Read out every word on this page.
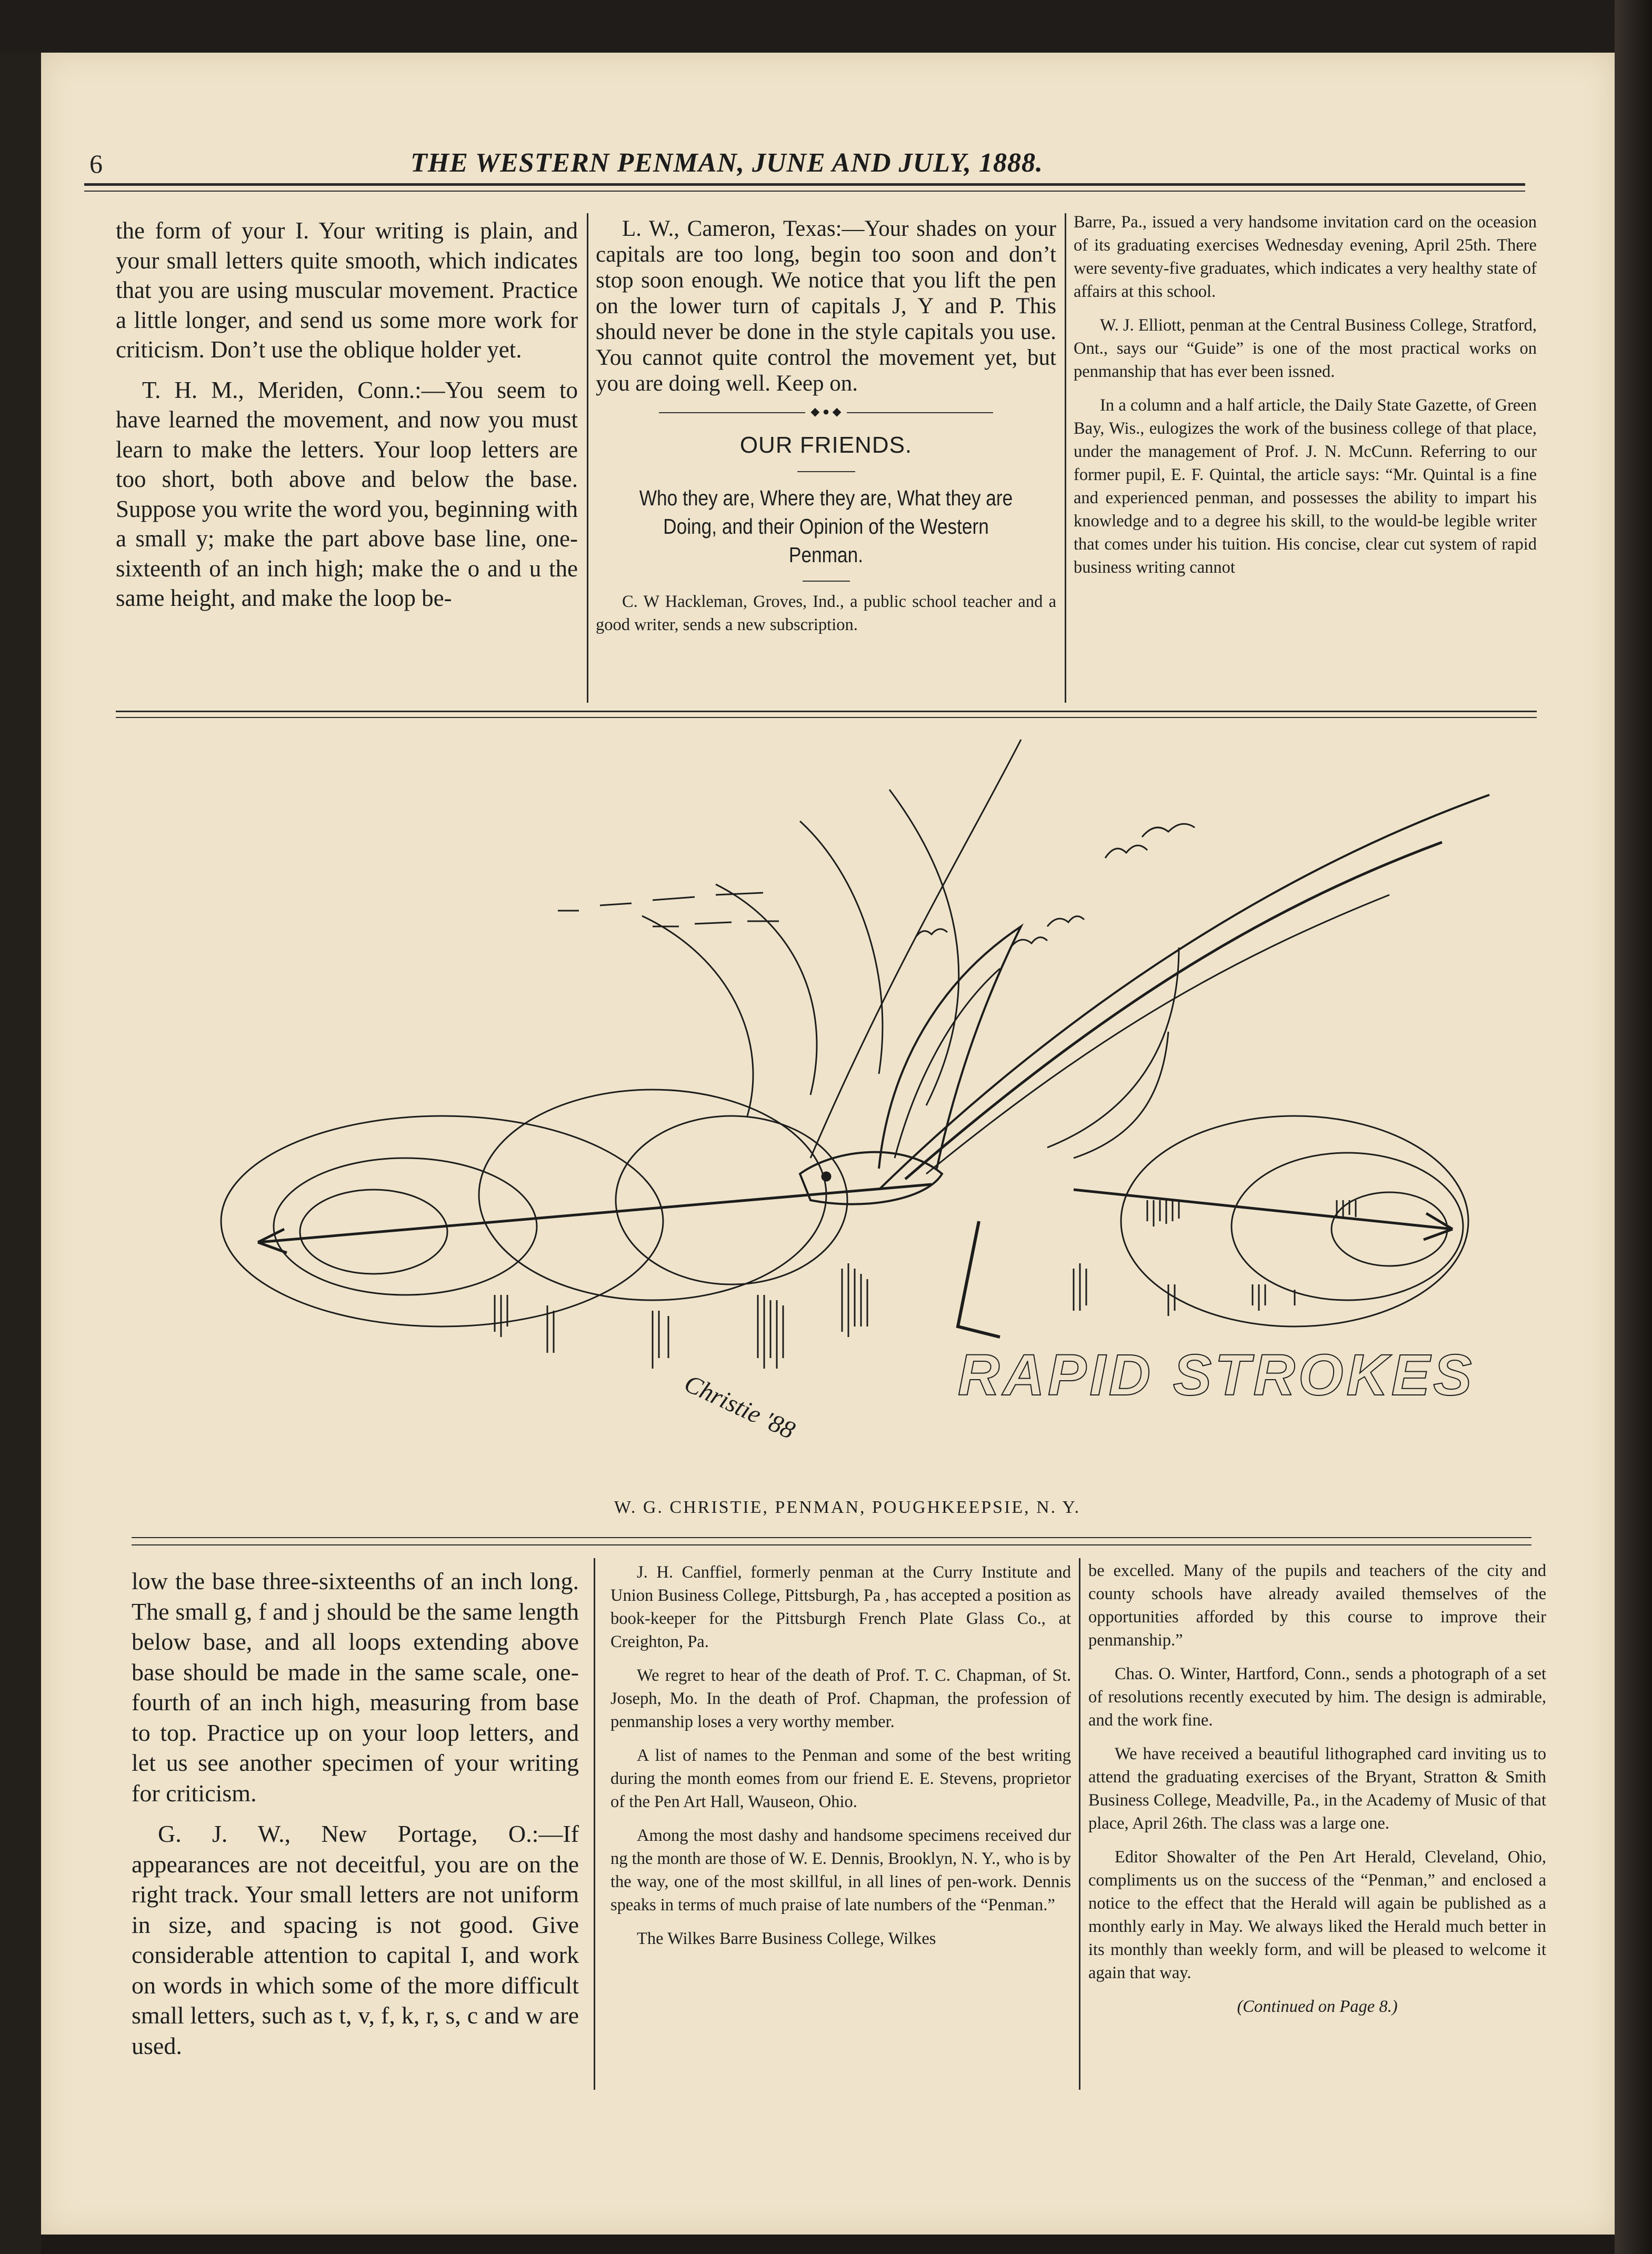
6	THE WESTERN PENMAN, JUNE AND JULY, 1888.

the form of your I. Your writing is plain, and your small letters quite smooth, which indicates that you are using muscular movement. Practice a little longer, and send us some more work for criticism. Don’t use the oblique holder yet.

T. H. M., Meriden, Conn.:—You seem to have learned the movement, and now you must learn to make the letters. Your loop letters are too short, both above and below the base. Suppose you write the word you, beginning with a small y; make the part above base line, one-sixteenth of an inch high; make the o and u the same height, and make the loop be-

L. W., Cameron, Texas:—Your shades on your capitals are too long, begin too soon and don’t stop soon enough. We notice that you lift the pen on the lower turn of capitals J, Y and P. This should never be done in the style capitals you use. You cannot quite control the movement yet, but you are doing well. Keep on.

◆ ● ◆

OUR FRIENDS.

Who they are, Where they are, What they are Doing, and their Opinion of the Western Penman.

C. W Hackleman, Groves, Ind., a public school teacher and a good writer, sends a new subscription.

Barre, Pa., issued a very handsome invitation card on the oceasion of its graduating exercises Wednesday evening, April 25th. There were seventy-five graduates, which indicates a very healthy state of affairs at this school.

W. J. Elliott, penman at the Central Business College, Stratford, Ont., says our “Guide” is one of the most practical works on penmanship that has ever been issned.

In a column and a half article, the Daily State Gazette, of Green Bay, Wis., eulogizes the work of the business college of that place, under the management of Prof. J. N. McCunn. Referring to our former pupil, E. F. Quintal, the article says: “Mr. Quintal is a fine and experienced penman, and possesses the ability to impart his knowledge and to a degree his skill, to the would-be legible writer that comes under his tuition. His concise, clear cut system of rapid business writing cannot

RAPID STROKES
Christie '88
W. G. CHRISTIE, PENMAN, POUGHKEEPSIE, N. Y.

low the base three-sixteenths of an inch long. The small g, f and j should be the same length below base, and all loops extending above base should be made in the same scale, one-fourth of an inch high, measuring from base to top. Practice up on your loop letters, and let us see another specimen of your writing for criticism.

G. J. W., New Portage, O.:—If appearances are not deceitful, you are on the right track. Your small letters are not uniform in size, and spacing is not good. Give considerable attention to capital I, and work on words in which some of the more difficult small letters, such as t, v, f, k, r, s, c and w are used.

J. H. Canffiel, formerly penman at the Curry Institute and Union Business College, Pittsburgh, Pa , has accepted a position as book-keeper for the Pittsburgh French Plate Glass Co., at Creighton, Pa.

We regret to hear of the death of Prof. T. C. Chapman, of St. Joseph, Mo. In the death of Prof. Chapman, the profession of penmanship loses a very worthy member.

A list of names to the Penman and some of the best writing during the month eomes from our friend E. E. Stevens, proprietor of the Pen Art Hall, Wauseon, Ohio.

Among the most dashy and handsome specimens received dur ng the month are those of W. E. Dennis, Brooklyn, N. Y., who is by the way, one of the most skillful, in all lines of pen-work. Dennis speaks in terms of much praise of late numbers of the “Penman.”

The Wilkes Barre Business College, Wilkes

be excelled. Many of the pupils and teachers of the city and county schools have already availed themselves of the opportunities afforded by this course to improve their penmanship.”

Chas. O. Winter, Hartford, Conn., sends a photograph of a set of resolutions recently executed by him. The design is admirable, and the work fine.

We have received a beautiful lithographed card inviting us to attend the graduating exercises of the Bryant, Stratton & Smith Business College, Meadville, Pa., in the Academy of Music of that place, April 26th. The class was a large one.

Editor Showalter of the Pen Art Herald, Cleveland, Ohio, compliments us on the success of the “Penman,” and enclosed a notice to the effect that the Herald will again be published as a monthly early in May. We always liked the Herald much better in its monthly than weekly form, and will be pleased to welcome it again that way.

(Continued on Page 8.)
